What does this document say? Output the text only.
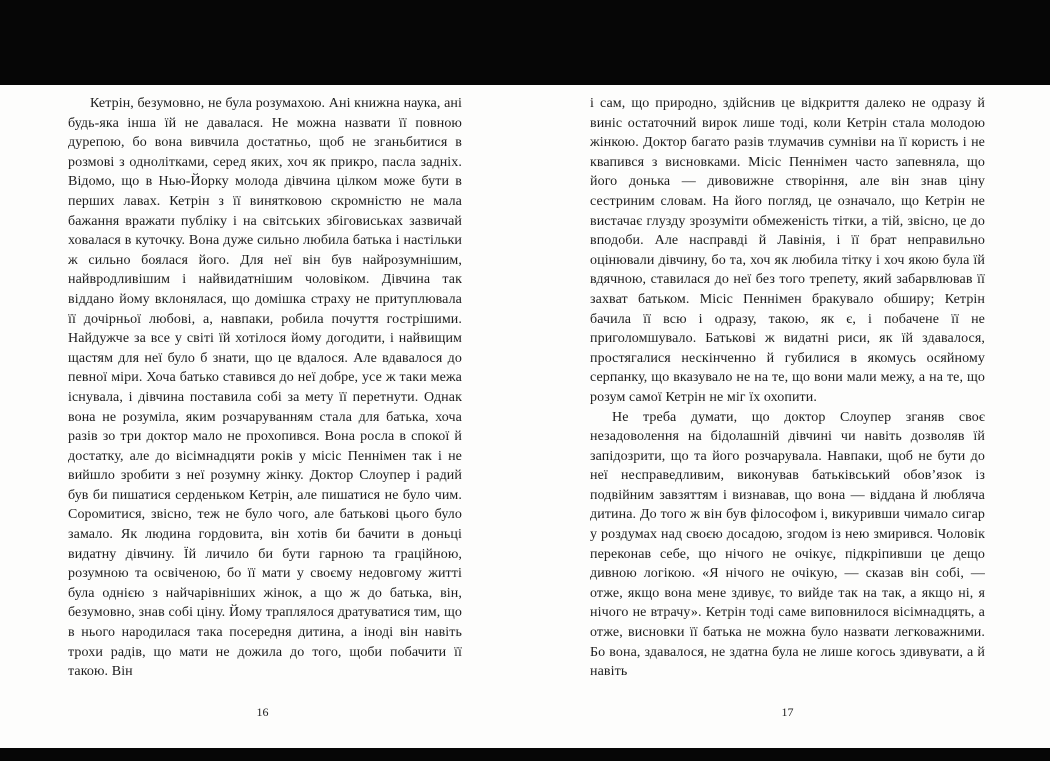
Кетрін, безумовно, не була розумахою. Ані книжна наука, ані будь-яка інша їй не давалася. Не можна назвати її повною дурепою, бо вона вивчила достатньо, щоб не зганьбитися в розмові з однолітками, серед яких, хоч як прикро, пасла задніх. Відомо, що в Нью-Йорку молода дівчина цілком може бути в перших лавах. Кетрін з її винятковою скромністю не мала бажання вражати публіку і на світських збіговиськах зазвичай ховалася в куточку. Вона дуже сильно любила батька і настільки ж сильно боялася його. Для неї він був найрозумнішим, найвродливішим і найвидатнішим чоловіком. Дівчина так віддано йому вклонялася, що домішка страху не притуплювала її дочірньої любові, а, навпаки, робила почуття гострішими. Найдужче за все у світі їй хотілося йому догодити, і найвищим щастям для неї було б знати, що це вдалося. Але вдавалося до певної міри. Хоча батько ставився до неї добре, усе ж таки межа існувала, і дівчина поставила собі за мету її перетнути. Однак вона не розуміла, яким розчаруванням стала для батька, хоча разів зо три доктор мало не прохопився. Вона росла в спокої й достатку, але до вісімнадцяти років у місіс Пеннімен так і не вийшло зробити з неї розумну жінку. Доктор Слоупер і радий був би пишатися серденьком Кетрін, але пишатися не було чим. Соромитися, звісно, теж не було чого, але батькові цього було замало. Як людина гордовита, він хотів би бачити в доньці видатну дівчину. Їй личило би бути гарною та граційною, розумною та освіченою, бо її мати у своєму недовгому житті була однією з найчарівніших жінок, а що ж до батька, він, безумовно, знав собі ціну. Йому траплялося дратуватися тим, що в нього народилася така посередня дитина, а іноді він навіть трохи радів, що мати не дожила до того, щоби побачити її такою. Він

16

і сам, що природно, здійснив це відкриття далеко не одразу й виніс остаточний вирок лише тоді, коли Кетрін стала молодою жінкою. Доктор багато разів тлумачив сумніви на її користь і не квапився з висновками. Місіс Пеннімен часто запевняла, що його донька — дивовижне створіння, але він знав ціну сестриним словам. На його погляд, це означало, що Кетрін не вистачає глузду зрозуміти обмеженість тітки, а тій, звісно, це до вподоби. Але насправді й Лавінія, і її брат неправильно оцінювали дівчину, бо та, хоч як любила тітку і хоч якою була їй вдячною, ставилася до неї без того трепету, який забарвлював її захват батьком. Місіс Пеннімен бракувало обширу; Кетрін бачила її всю і одразу, такою, як є, і побачене її не приголомшувало. Батькові ж видатні риси, як їй здавалося, простягалися нескінченно й губилися в якомусь осяйному серпанку, що вказувало не на те, що вони мали межу, а на те, що розум самої Кетрін не міг їх охопити.

Не треба думати, що доктор Слоупер зганяв своє незадоволення на бідолашній дівчині чи навіть дозволяв їй запідозрити, що та його розчарувала. Навпаки, щоб не бути до неї несправедливим, виконував батьківський обов’язок із подвійним завзяттям і визнавав, що вона — віддана й любляча дитина. До того ж він був філософом і, викуривши чимало сигар у роздумах над своєю досадою, згодом із нею змирився. Чоловік переконав себе, що нічого не очікує, підкріпивши це дещо дивною логікою. «Я нічого не очікую, — сказав він собі, — отже, якщо вона мене здивує, то вийде так на так, а якщо ні, я нічого не втрачу». Кетрін тоді саме виповнилося вісімнадцять, а отже, висновки її батька не можна було назвати легковажними. Бо вона, здавалося, не здатна була не лише когось здивувати, а й навіть

17
